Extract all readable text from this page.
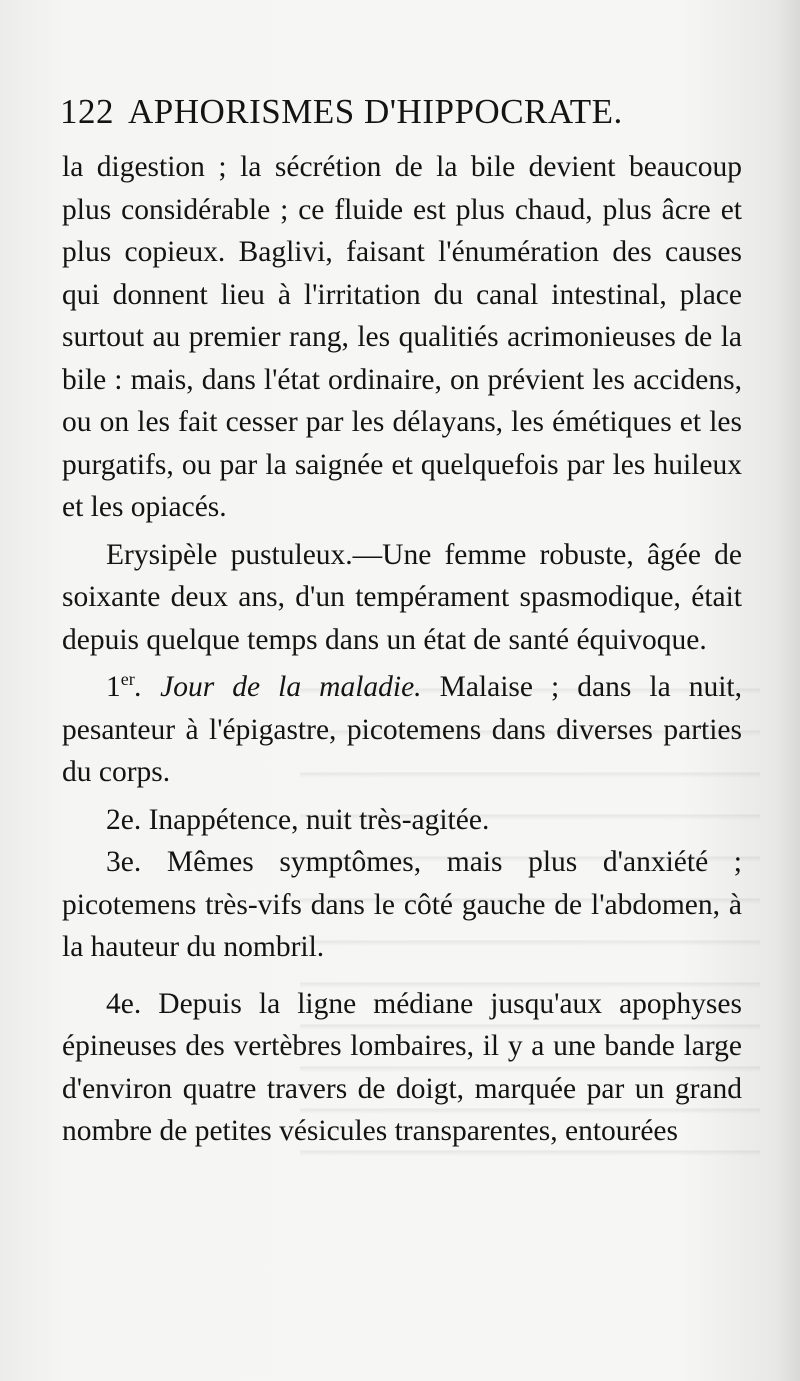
122 APHORISMES D'HIPPOCRATE.

la digestion ; la sécrétion de la bile devient beaucoup plus considérable ; ce fluide est plus chaud, plus âcre et plus copieux. Baglivi, faisant l'énumération des causes qui donnent lieu à l'irritation du canal intestinal, place surtout au premier rang, les qualitiés acrimonieuses de la bile : mais, dans l'état ordinaire, on prévient les accidens, ou on les fait cesser par les délayans, les émétiques et les purgatifs, ou par la saignée et quelquefois par les huileux et les opiacés.

Erysipèle pustuleux.—Une femme robuste, âgée de soixante deux ans, d'un tempérament spasmodique, était depuis quelque temps dans un état de santé équivoque.

1er. Jour de la maladie. Malaise ; dans la nuit, pesanteur à l'épigastre, picotemens dans diverses parties du corps.

2e. Inappétence, nuit très-agitée.

3e. Mêmes symptômes, mais plus d'anxiété ; picotemens très-vifs dans le côté gauche de l'abdomen, à la hauteur du nombril.

4e. Depuis la ligne médiane jusqu'aux apophyses épineuses des vertèbres lombaires, il y a une bande large d'environ quatre travers de doigt, marquée par un grand nombre de petites vésicules transparentes, entourées
